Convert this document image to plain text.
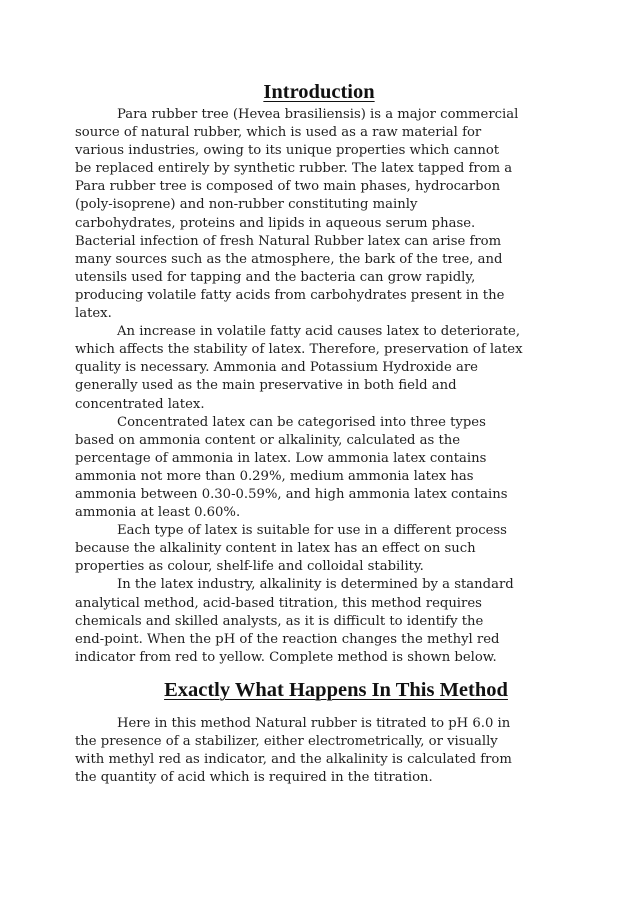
Introduction
Para rubber tree (Hevea brasiliensis) is a major commercial
source of natural rubber, which is used as a raw material for
various industries, owing to its unique properties which cannot
be replaced entirely by synthetic rubber. The latex tapped from a
Para rubber tree is composed of two main phases, hydrocarbon
(poly-isoprene) and non-rubber constituting mainly
carbohydrates, proteins and lipids in aqueous serum phase.
Bacterial infection of fresh Natural Rubber latex can arise from
many sources such as the atmosphere, the bark of the tree, and
utensils used for tapping and the bacteria can grow rapidly,
producing volatile fatty acids from carbohydrates present in the
latex.
An increase in volatile fatty acid causes latex to deteriorate,
which affects the stability of latex. Therefore, preservation of latex
quality is necessary. Ammonia and Potassium Hydroxide are
generally used as the main preservative in both field and
concentrated latex.
Concentrated latex can be categorised into three types
based on ammonia content or alkalinity, calculated as the
percentage of ammonia in latex. Low ammonia latex contains
ammonia not more than 0.29%, medium ammonia latex has
ammonia between 0.30-0.59%, and high ammonia latex contains
ammonia at least 0.60%.
Each type of latex is suitable for use in a different process
because the alkalinity content in latex has an effect on such
properties as colour, shelf-life and colloidal stability.
In the latex industry, alkalinity is determined by a standard
analytical method, acid-based titration, this method requires
chemicals and skilled analysts, as it is difficult to identify the
end-point. When the pH of the reaction changes the methyl red
indicator from red to yellow. Complete method is shown below.
Exactly What Happens In This Method
Here in this method Natural rubber is titrated to pH 6.0 in
the presence of a stabilizer, either electrometrically, or visually
with methyl red as indicator, and the alkalinity is calculated from
the quantity of acid which is required in the titration.
